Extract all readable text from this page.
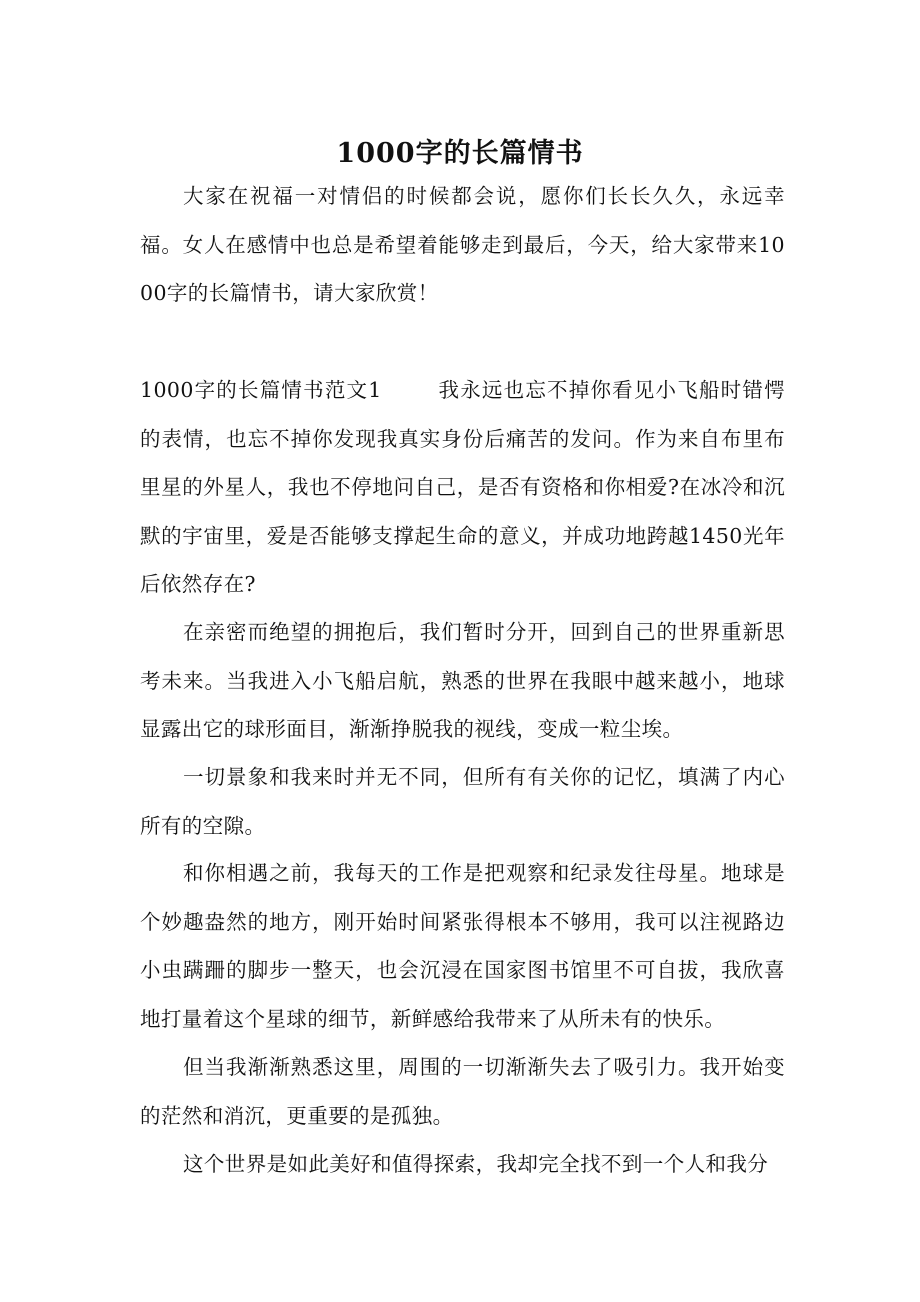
1000字的长篇情书

大家在祝福一对情侣的时候都会说，愿你们长长久久，永远幸福。女人在感情中也总是希望着能够走到最后，今天，给大家带来1000字的长篇情书，请大家欣赏！

1000字的长篇情书范文1	我永远也忘不掉你看见小飞船时错愕的表情，也忘不掉你发现我真实身份后痛苦的发问。作为来自布里布里星的外星人，我也不停地问自己，是否有资格和你相爱?在冰冷和沉默的宇宙里，爱是否能够支撑起生命的意义，并成功地跨越1450光年后依然存在?

在亲密而绝望的拥抱后，我们暂时分开，回到自己的世界重新思考未来。当我进入小飞船启航，熟悉的世界在我眼中越来越小，地球显露出它的球形面目，渐渐挣脱我的视线，变成一粒尘埃。

一切景象和我来时并无不同，但所有有关你的记忆，填满了内心所有的空隙。

和你相遇之前，我每天的工作是把观察和纪录发往母星。地球是个妙趣盎然的地方，刚开始时间紧张得根本不够用，我可以注视路边小虫蹒跚的脚步一整天，也会沉浸在国家图书馆里不可自拔，我欣喜地打量着这个星球的细节，新鲜感给我带来了从所未有的快乐。

但当我渐渐熟悉这里，周围的一切渐渐失去了吸引力。我开始变的茫然和消沉，更重要的是孤独。

这个世界是如此美好和值得探索，我却完全找不到一个人和我分
